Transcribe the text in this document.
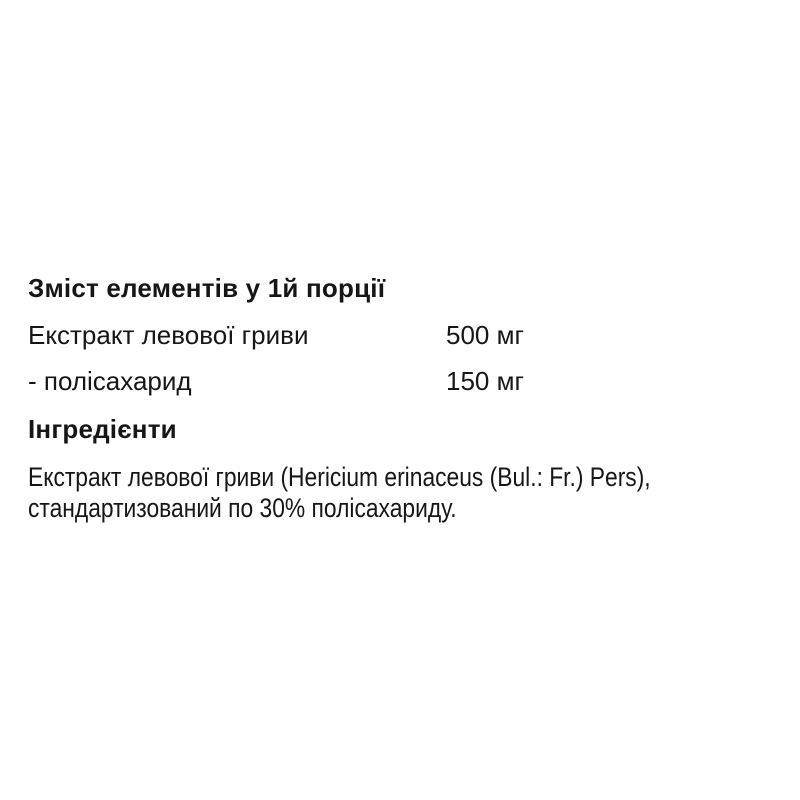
Зміст елементів у 1й порції
Екстракт левової гриви	500 мг
- полісахарид	150 мг
Інгредієнти
Екстракт левової гриви (Hericium erinaceus (Bul.: Fr.) Pers),
стандартизований по 30% полісахариду.
